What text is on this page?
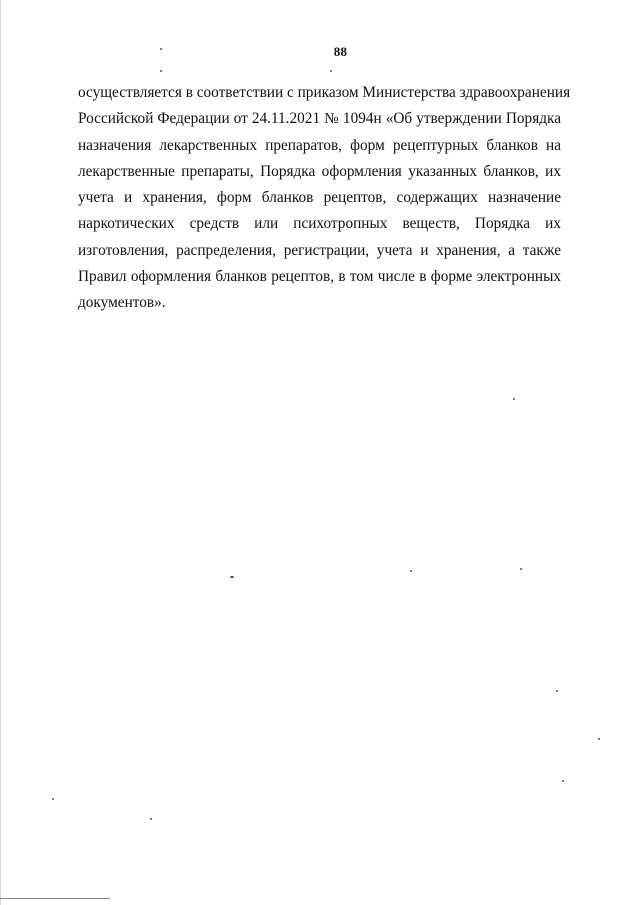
88

осуществляется в соответствии с приказом Министерства здравоохранения
Российской Федерации от 24.11.2021 № 1094н «Об утверждении Порядка
назначения лекарственных препаратов, форм рецептурных бланков на
лекарственные препараты, Порядка оформления указанных бланков, их
учета и хранения, форм бланков рецептов, содержащих назначение
наркотических средств или психотропных веществ, Порядка их
изготовления, распределения, регистрации, учета и хранения, а также
Правил оформления бланков рецептов, в том числе в форме электронных
документов».
